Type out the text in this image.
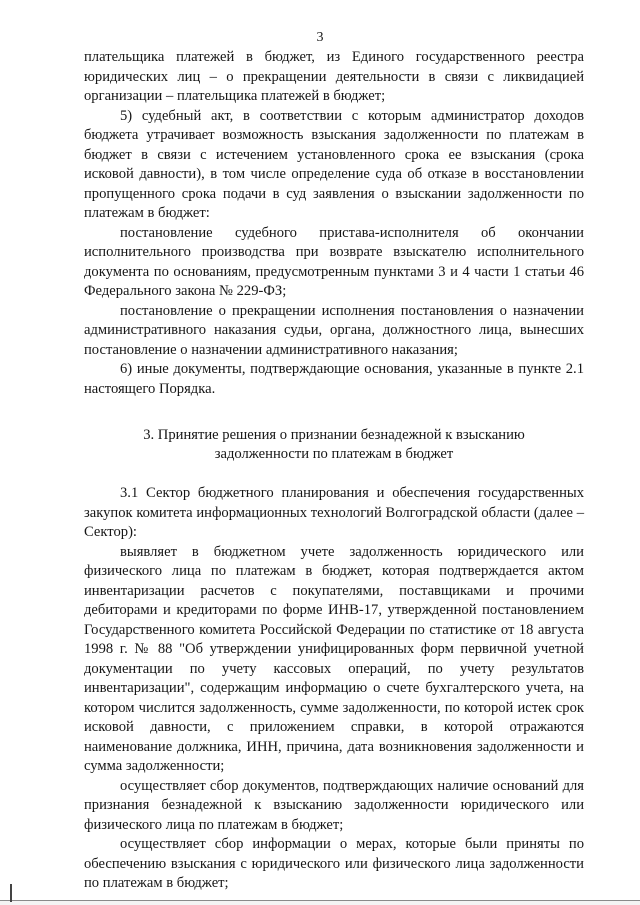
3

плательщика платежей в бюджет, из Единого государственного реестра юридических лиц – о прекращении деятельности в связи с ликвидацией организации – плательщика платежей в бюджет;

5) судебный акт, в соответствии с которым администратор доходов бюджета утрачивает возможность взыскания задолженности по платежам в бюджет в связи с истечением установленного срока ее взыскания (срока исковой давности), в том числе определение суда об отказе в восстановлении пропущенного срока подачи в суд заявления о взыскании задолженности по платежам в бюджет:

постановление судебного пристава-исполнителя об окончании исполнительного производства при возврате взыскателю исполнительного документа по основаниям, предусмотренным пунктами 3 и 4 части 1 статьи 46 Федерального закона № 229-ФЗ;

постановление о прекращении исполнения постановления о назначении административного наказания судьи, органа, должностного лица, вынесших постановление о назначении административного наказания;

6) иные документы, подтверждающие основания, указанные в пункте 2.1 настоящего Порядка.

3. Принятие решения о признании безнадежной к взысканию
задолженности по платежам в бюджет

3.1 Сектор бюджетного планирования и обеспечения государственных закупок комитета информационных технологий Волгоградской области (далее – Сектор):

выявляет в бюджетном учете задолженность юридического или физического лица по платежам в бюджет, которая подтверждается актом инвентаризации расчетов с покупателями, поставщиками и прочими дебиторами и кредиторами по форме ИНВ-17, утвержденной постановлением Государственного комитета Российской Федерации по статистике от 18 августа 1998 г. № 88 "Об утверждении унифицированных форм первичной учетной документации по учету кассовых операций, по учету результатов инвентаризации", содержащим информацию о счете бухгалтерского учета, на котором числится задолженность, сумме задолженности, по которой истек срок исковой давности, с приложением справки, в которой отражаются наименование должника, ИНН, причина, дата возникновения задолженности и сумма задолженности;

осуществляет сбор документов, подтверждающих наличие оснований для признания безнадежной к взысканию задолженности юридического или физического лица по платежам в бюджет;

осуществляет сбор информации о мерах, которые были приняты по обеспечению взыскания с юридического или физического лица задолженности по платежам в бюджет;
